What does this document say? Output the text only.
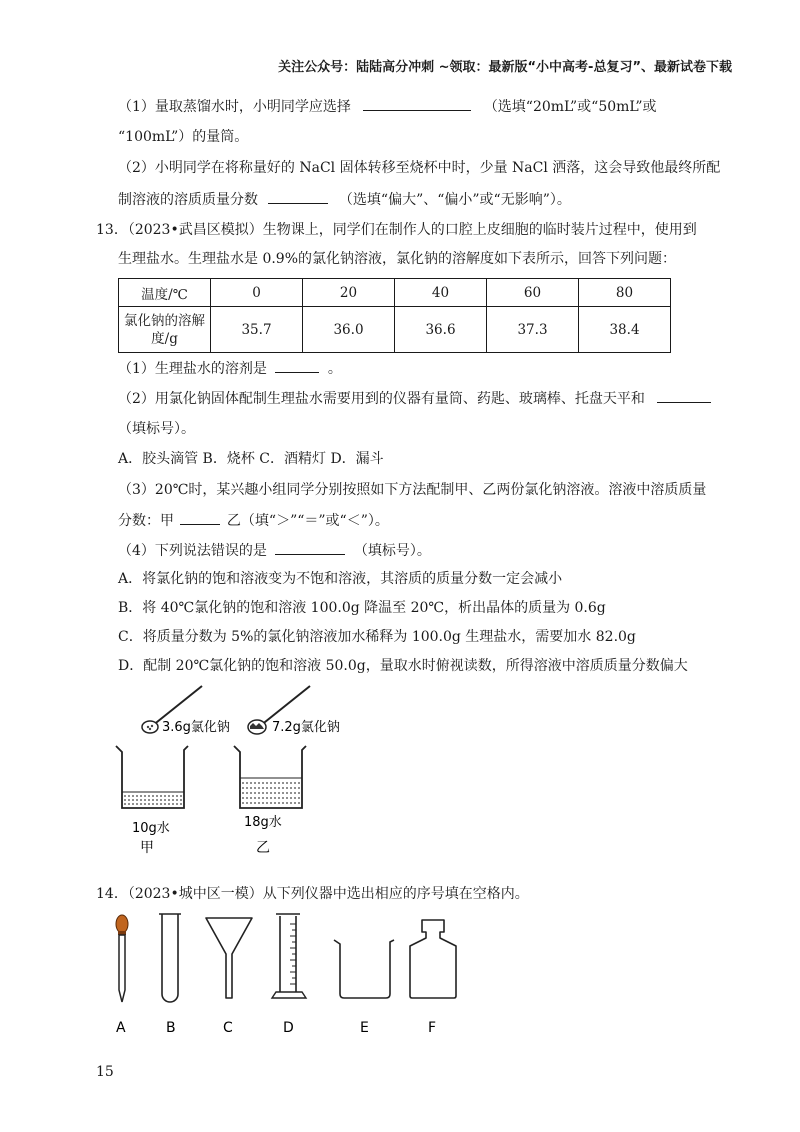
关注公众号：陆陆高分冲刺 ~领取：最新版“小中高考-总复习”、最新试卷下载
（1）量取蒸馏水时，小明同学应选择	（选填“20mL”或“50mL”或
“100mL”）的量筒。
（2）小明同学在将称量好的 NaCl 固体转移至烧杯中时，少量 NaCl 洒落，这会导致他最终所配
制溶液的溶质质量分数	（选填“偏大”、“偏小”或“无影响”）。
13．（2023•武昌区模拟）生物课上，同学们在制作人的口腔上皮细胞的临时装片过程中，使用到
生理盐水。生理盐水是 0.9%的氯化钠溶液，氯化钠的溶解度如下表所示，回答下列问题：
温度/℃	0	20	40	60	80

氯化钠的溶解
度/g	35.7	36.0	36.6	37.3	38.4
（1）生理盐水的溶剂是	。
（2）用氯化钠固体配制生理盐水需要用到的仪器有量筒、药匙、玻璃棒、托盘天平和
（填标号）。
A．胶头滴管 B．烧杯 C．酒精灯 D．漏斗
（3）20℃时，某兴趣小组同学分别按照如下方法配制甲、乙两份氯化钠溶液。溶液中溶质质量
分数：甲	乙（填“＞”“＝”或“＜”）。
（4）下列说法错误的是	（填标号）。
A．将氯化钠的饱和溶液变为不饱和溶液，其溶质的质量分数一定会减小
B．将 40℃氯化钠的饱和溶液 100.0g 降温至 20℃，析出晶体的质量为 0.6g
C．将质量分数为 5%的氯化钠溶液加水稀释为 100.0g 生理盐水，需要加水 82.0g
D．配制 20℃氯化钠的饱和溶液 50.0g，量取水时俯视读数，所得溶液中溶质质量分数偏大
3.6g氯化钠	7.2g氯化钠
10g水
甲
18g水
乙
14．（2023•城中区一模）从下列仪器中选出相应的序号填在空格内。
A	B	C	D	E	F
15
